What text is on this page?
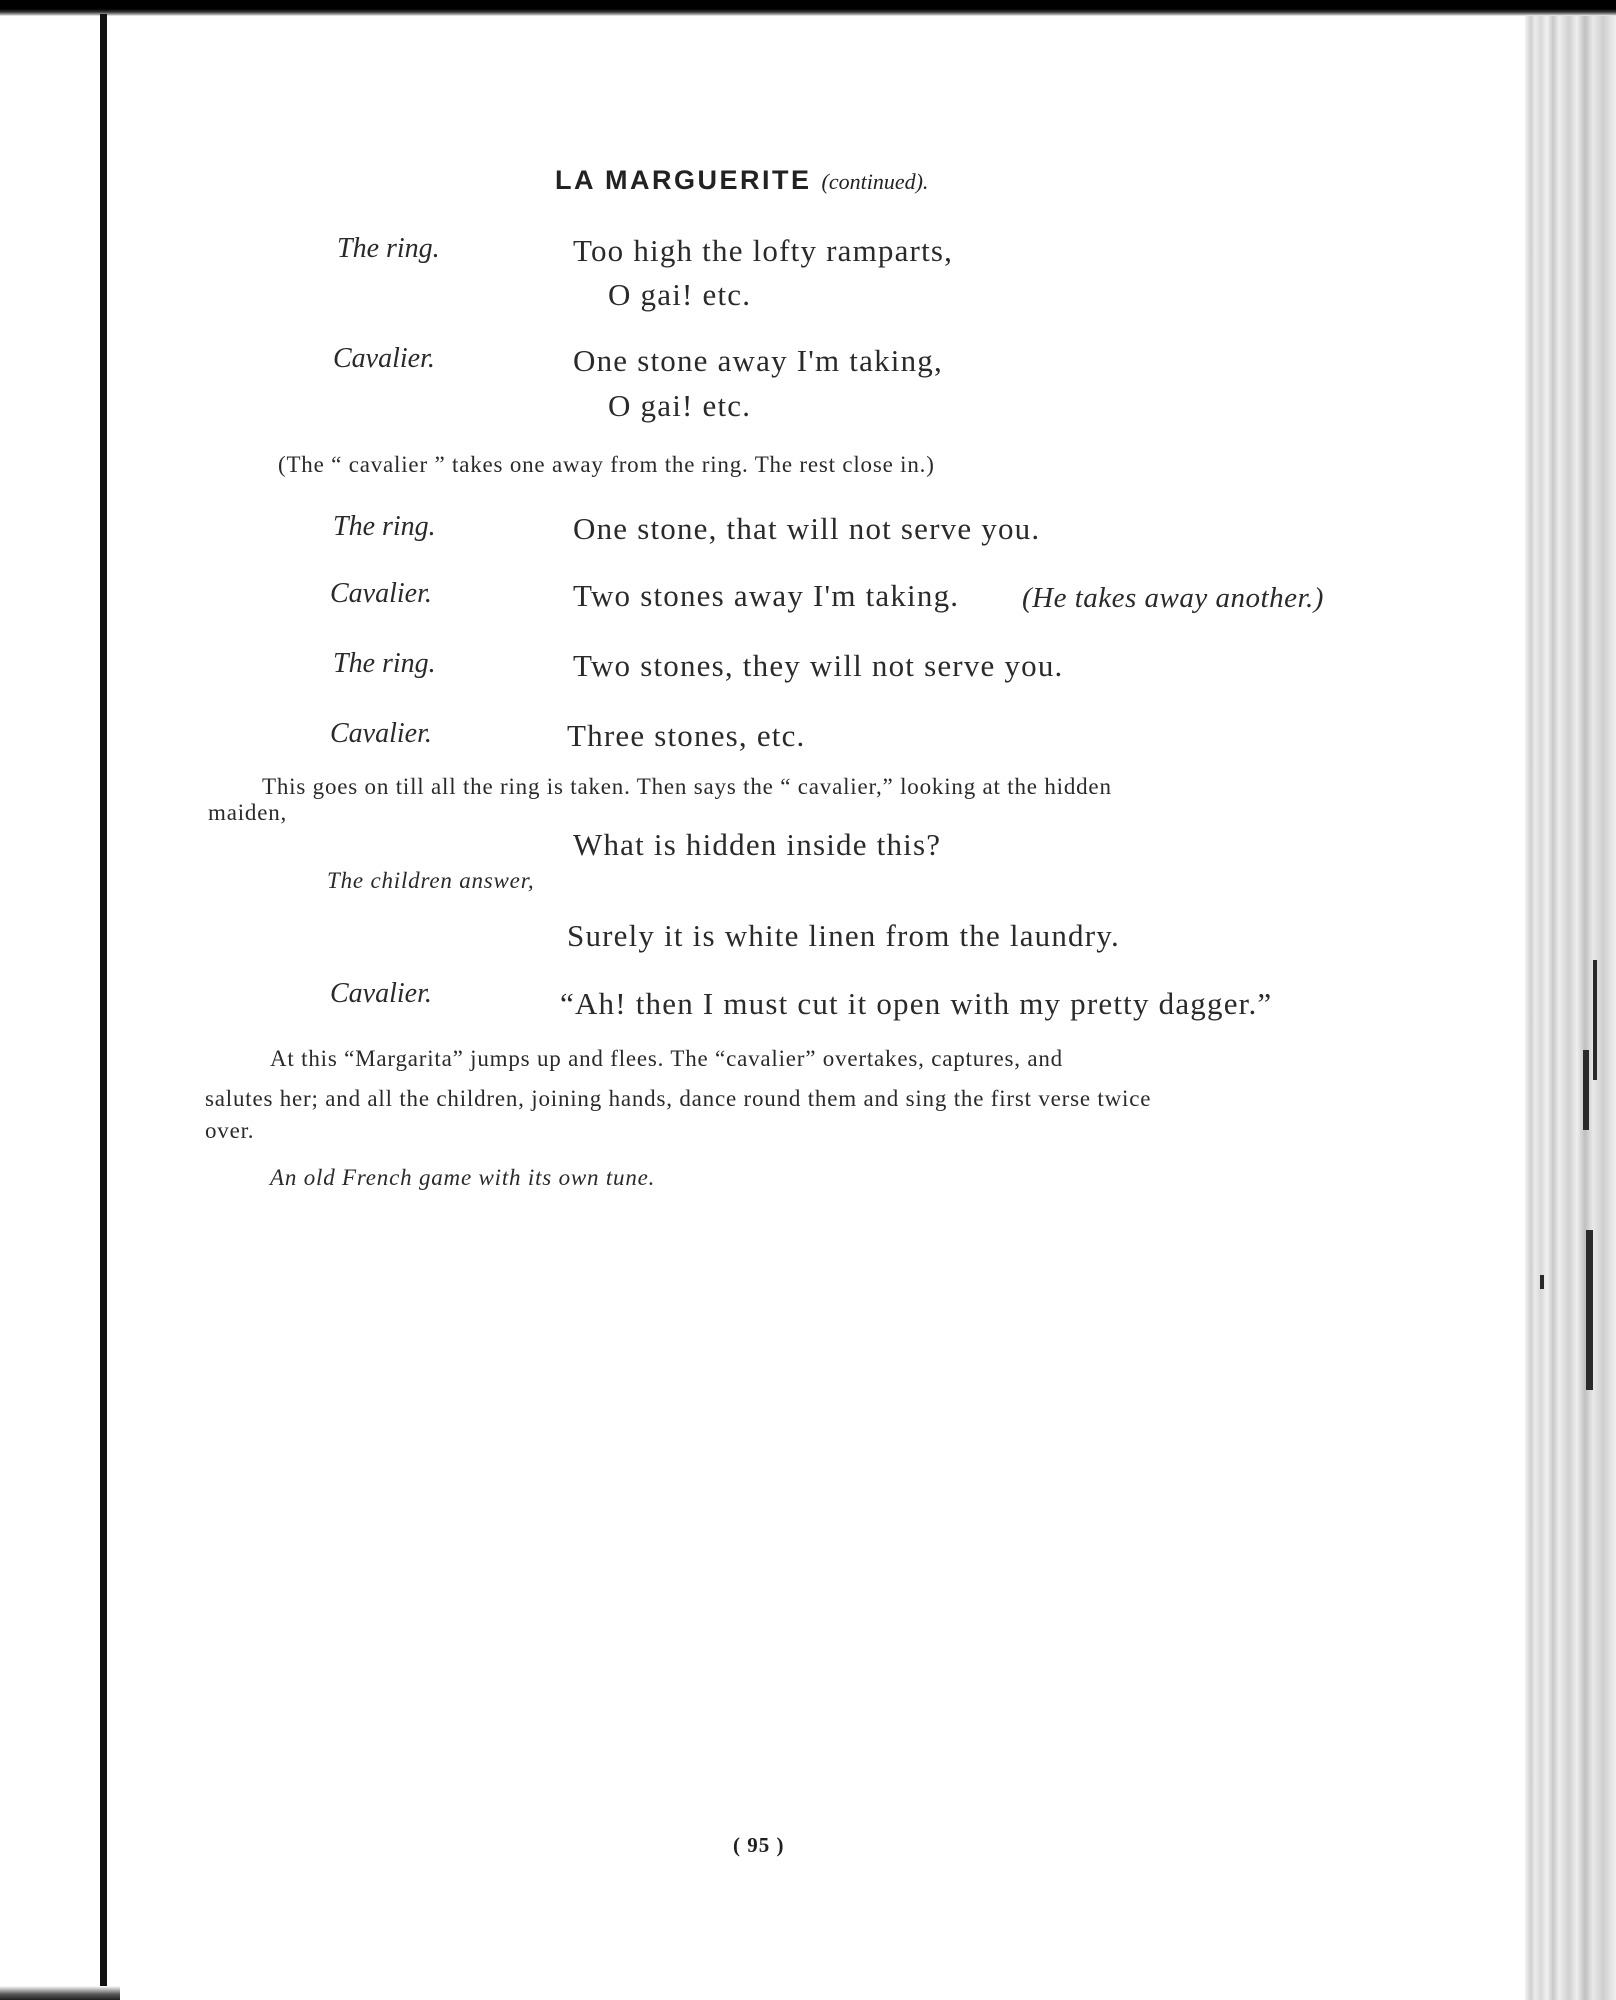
LA MARGUERITE (continued).
The ring.	Too high the lofty ramparts,
O gai! etc.
Cavalier.	One stone away I'm taking,
O gai! etc.
(The “ cavalier ” takes one away from the ring. The rest close in.)
The ring.	One stone, that will not serve you.
Cavalier.	Two stones away I'm taking. (He takes away another.)
The ring.	Two stones, they will not serve you.
Cavalier.	Three stones, etc.
This goes on till all the ring is taken. Then says the “ cavalier,” looking at the hidden
maiden,
What is hidden inside this?
The children answer,
Surely it is white linen from the laundry.
Cavalier.	“Ah! then I must cut it open with my pretty dagger.”
At this “Margarita” jumps up and flees. The “cavalier” overtakes, captures, and
salutes her; and all the children, joining hands, dance round them and sing the first verse twice
over.
An old French game with its own tune.
( 95 )
